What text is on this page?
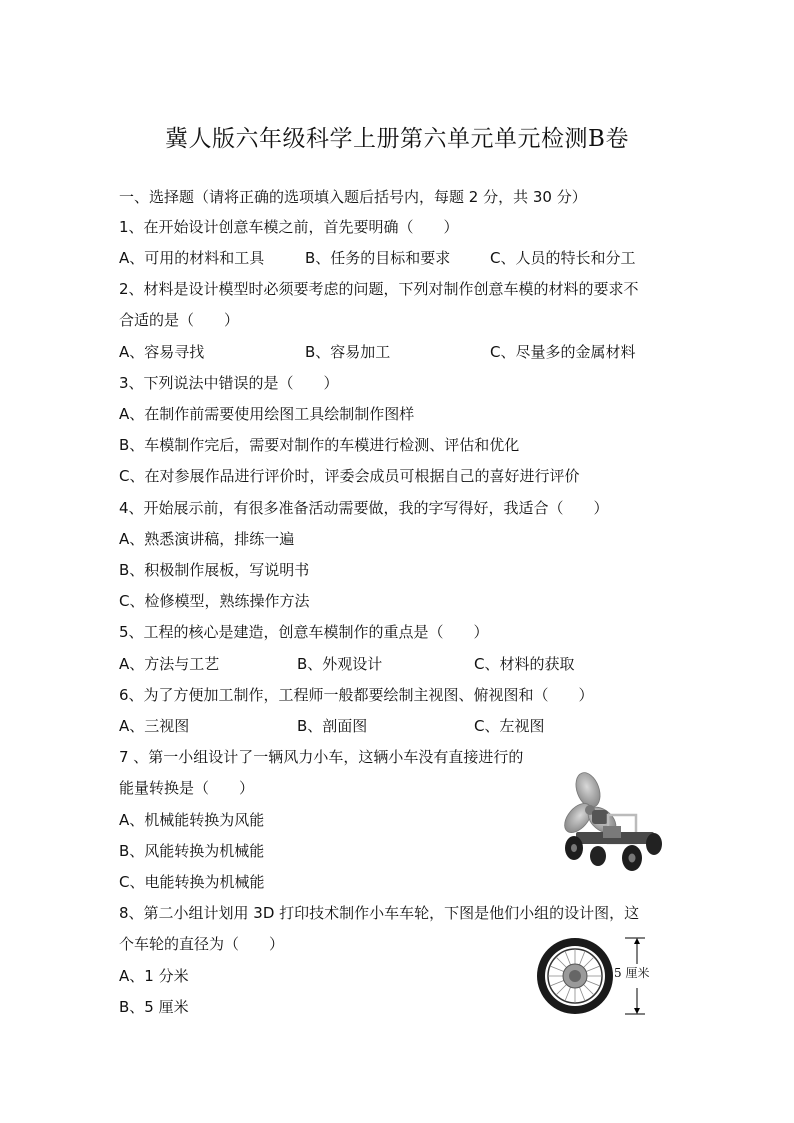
冀人版六年级科学上册第六单元单元检测B卷
一、选择题（请将正确的选项填入题后括号内，每题 2 分，共 30 分）
1、在开始设计创意车模之前，首先要明确（　　）
A、可用的材料和工具	B、任务的目标和要求	C、人员的特长和分工
2、材料是设计模型时必须要考虑的问题，下列对制作创意车模的材料的要求不
合适的是（　　）
A、容易寻找	B、容易加工	C、尽量多的金属材料
3、下列说法中错误的是（　　）
A、在制作前需要使用绘图工具绘制制作图样
B、车模制作完后，需要对制作的车模进行检测、评估和优化
C、在对参展作品进行评价时，评委会成员可根据自己的喜好进行评价
4、开始展示前，有很多准备活动需要做，我的字写得好，我适合（　　）
A、熟悉演讲稿，排练一遍
B、积极制作展板，写说明书
C、检修模型，熟练操作方法
5、工程的核心是建造，创意车模制作的重点是（　　）
A、方法与工艺	B、外观设计	C、材料的获取
6、为了方便加工制作，工程师一般都要绘制主视图、俯视图和（　　）
A、三视图	B、剖面图	C、左视图
7 、第一小组设计了一辆风力小车，这辆小车没有直接进行的
能量转换是（　　）
A、机械能转换为风能
B、风能转换为机械能
C、电能转换为机械能
8、第二小组计划用 3D 打印技术制作小车车轮，下图是他们小组的设计图，这
个车轮的直径为（　　）
A、1 分米
B、5 厘米
5 厘米
